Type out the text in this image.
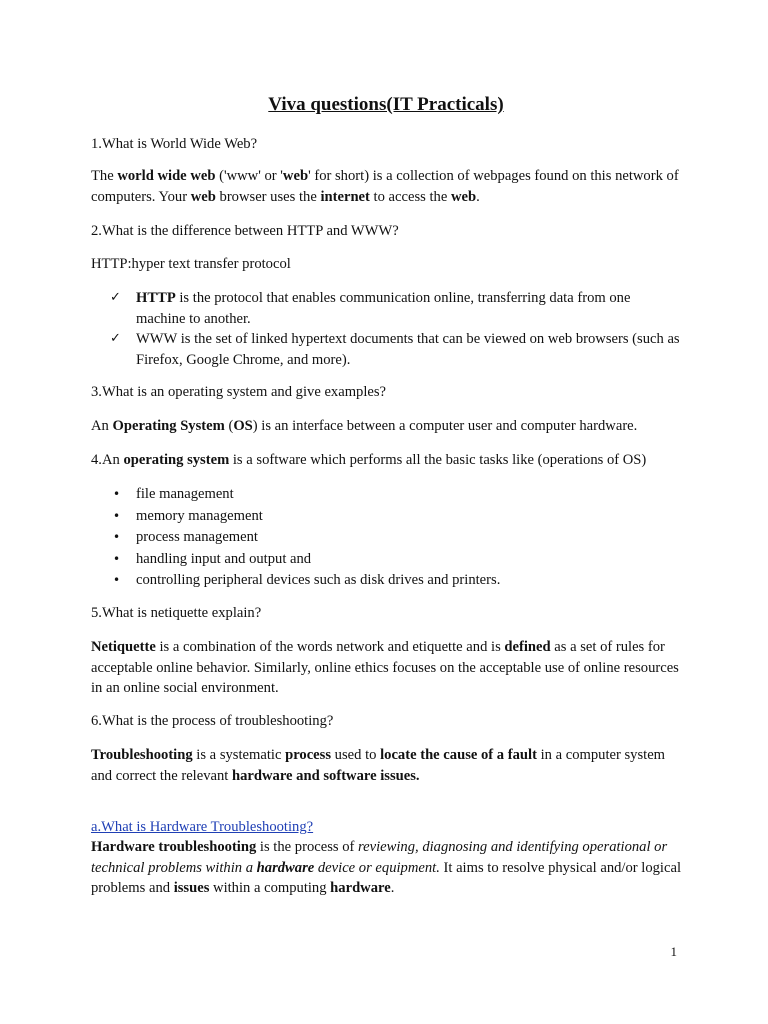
Viva questions(IT Practicals)

1.What is World Wide Web?

The world wide web ('www' or 'web' for short) is a collection of webpages found on this network of computers. Your web browser uses the internet to access the web.

2.What is the difference between HTTP and WWW?

HTTP:hyper text transfer protocol

✓ HTTP is the protocol that enables communication online, transferring data from one machine to another.
✓ WWW is the set of linked hypertext documents that can be viewed on web browsers (such as Firefox, Google Chrome, and more).

3.What is an operating system and give examples?

An Operating System (OS) is an interface between a computer user and computer hardware.

4.An operating system is a software which performs all the basic tasks like (operations of OS)

• file management
• memory management
• process management
• handling input and output and
• controlling peripheral devices such as disk drives and printers.

5.What is netiquette explain?

Netiquette is a combination of the words network and etiquette and is defined as a set of rules for acceptable online behavior. Similarly, online ethics focuses on the acceptable use of online resources in an online social environment.

6.What is the process of troubleshooting?

Troubleshooting is a systematic process used to locate the cause of a fault in a computer system and correct the relevant hardware and software issues.

a.What is Hardware Troubleshooting?

Hardware troubleshooting is the process of reviewing, diagnosing and identifying operational or technical problems within a hardware device or equipment. It aims to resolve physical and/or logical problems and issues within a computing hardware.

1
